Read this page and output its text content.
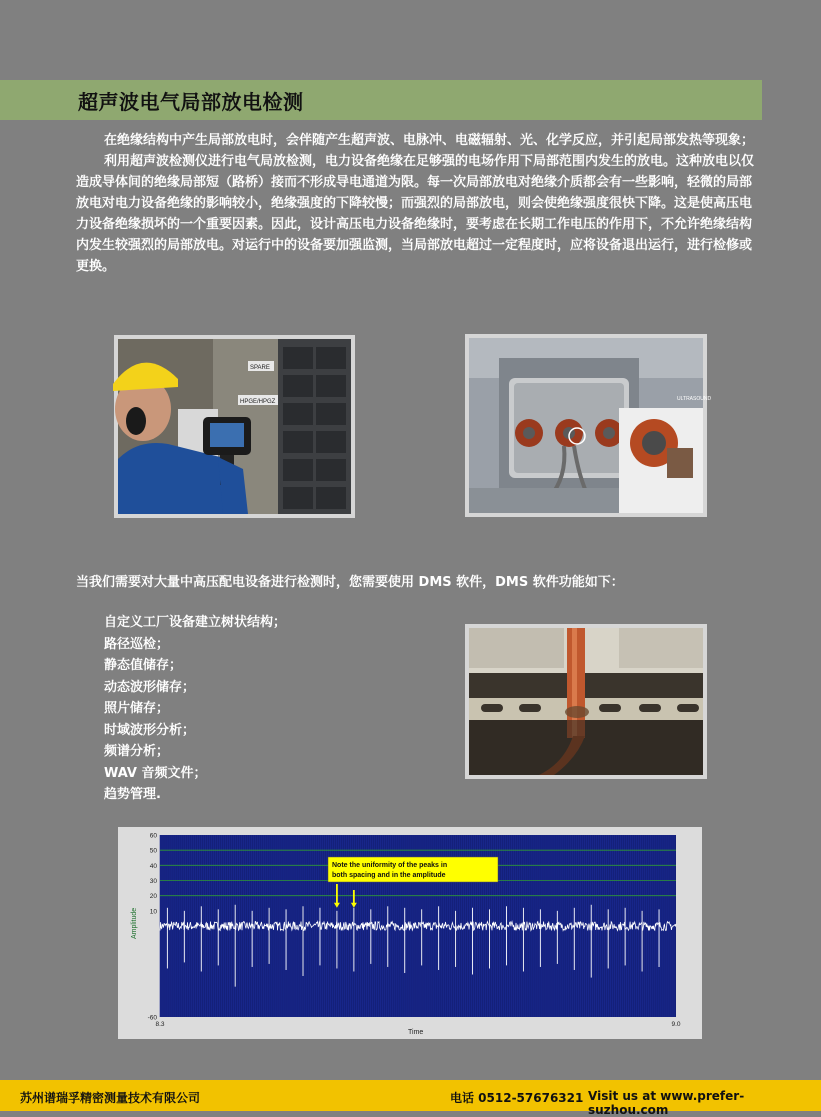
超声波电气局部放电检测

在绝缘结构中产生局部放电时，会伴随产生超声波、电脉冲、电磁辐射、光、化学反应，并引起局部发热等现象；

利用超声波检测仪进行电气局放检测，电力设备绝缘在足够强的电场作用下局部范围内发生的放电。这种放电以仅造成导体间的绝缘局部短（路桥）接而不形成导电通道为限。每一次局部放电对绝缘介质都会有一些影响，轻微的局部放电对电力设备绝缘的影响较小，绝缘强度的下降较慢；而强烈的局部放电，则会使绝缘强度很快下降。这是使高压电力设备绝缘损坏的一个重要因素。因此，设计高压电力设备绝缘时，要考虑在长期工作电压的作用下，不允许绝缘结构内发生较强烈的局部放电。对运行中的设备要加强监测，当局部放电超过一定程度时，应将设备退出运行，进行检修或更换。

SPARE
HPGE/HPGZ	ULTRASOUND
当我们需要对大量中高压配电设备进行检测时，您需要使用 DMS 软件，DMS 软件功能如下：
自定义工厂设备建立树状结构；
路径巡检；
静态值储存；
动态波形储存；
照片储存；
时域波形分析；
频谱分析；
WAV 音频文件；
趋势管理.
60
50
40
30
20
10
-60
8.3	9.0
Note the uniformity of the peaks in
both spacing and in the amplitude
Amplitude
Time
苏州谱瑞孚精密测量技术有限公司	电话 0512-57676321 Visit us at www.prefer-suzhou.com
